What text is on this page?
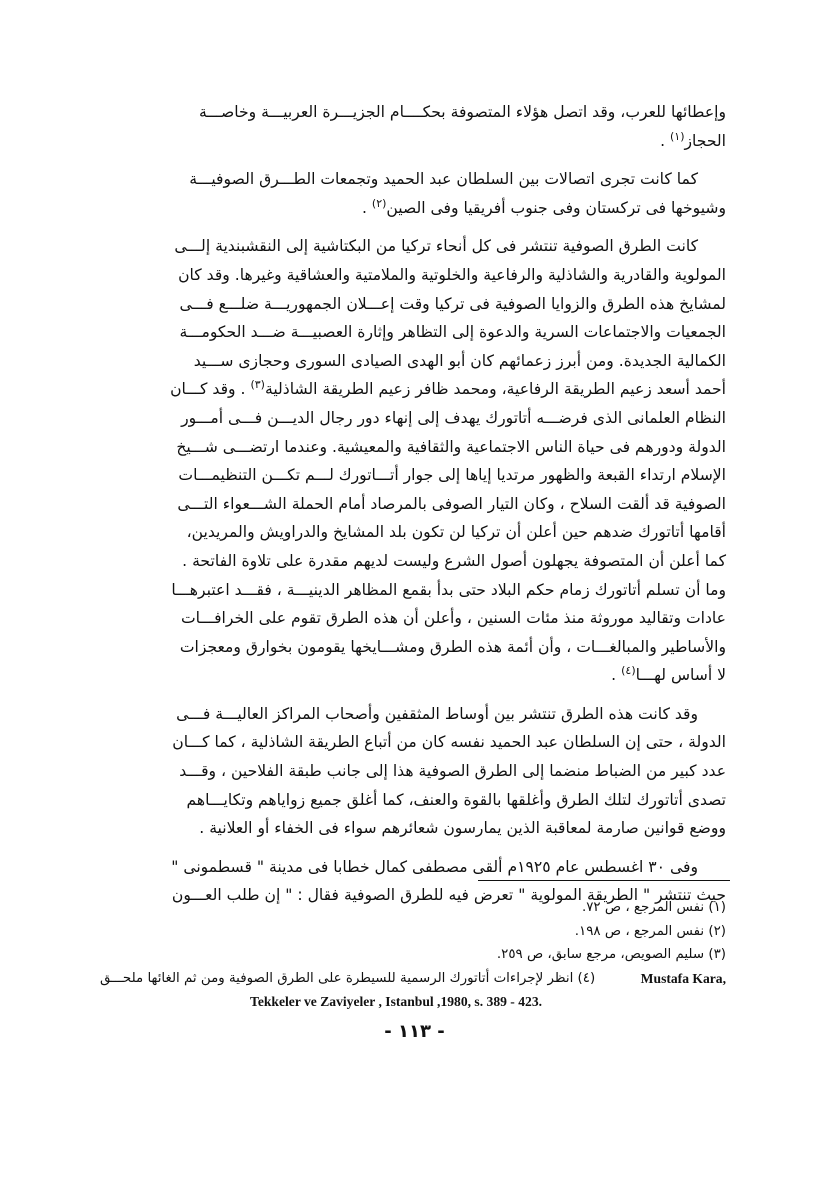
وإعطائها للعرب، وقد اتصل هؤلاء المتصوفة بحكــــام الجزيـــرة العربيـــة وخاصـــة
الحجاز$^{(١)}$ .

كما كانت تجرى اتصالات بين السلطان عبد الحميد وتجمعات الطـــرق الصوفيـــة
وشيوخها فى تركستان وفى جنوب أفريقيا وفى الصين$^{(٢)}$ .

كانت الطرق الصوفية تنتشر فى كل أنحاء تركيا من البكتاشية إلى النقشبندية إلـــى
المولوية والقادرية والشاذلية والرفاعية والخلوتية والملامتية والعشاقية وغيرها. وقد كان
لمشايخ هذه الطرق والزوايا الصوفية فى تركيا وقت إعـــلان الجمهوريـــة ضلـــع فـــى
الجمعيات والاجتماعات السرية والدعوة إلى التظاهر وإثارة العصبيـــة ضـــد الحكومـــة
الكمالية الجديدة. ومن أبرز زعمائهم كان أبو الهدى الصيادى السورى وحجازى ســـيد
أحمد أسعد زعيم الطريقة الرفاعية، ومحمد ظافر زعيم الطريقة الشاذلية$^{(٣)}$ . وقد كـــان
النظام العلمانى الذى فرضـــه أتاتورك يهدف إلى إنهاء دور رجال الديـــن فـــى أمـــور
الدولة ودورهم فى حياة الناس الاجتماعية والثقافية والمعيشية. وعندما ارتضـــى شـــيخ
الإسلام ارتداء القبعة والظهور مرتديا إياها إلى جوار أتـــاتورك لـــم تكـــن التنظيمـــات
الصوفية قد ألقت السلاح ، وكان التيار الصوفى بالمرصاد أمام الحملة الشـــعواء التـــى
أقامها أتاتورك ضدهم حين أعلن أن تركيا لن تكون بلد المشايخ والدراويش والمريدين،
كما أعلن أن المتصوفة يجهلون أصول الشرع وليست لديهم مقدرة على تلاوة الفاتحة .
وما أن تسلم أتاتورك زمام حكم البلاد حتى بدأ بقمع المظاهر الدينيـــة ، فقـــد اعتبرهـــا
عادات وتقاليد موروثة منذ مئات السنين ، وأعلن أن هذه الطرق تقوم على الخرافـــات
والأساطير والمبالغـــات ، وأن أئمة هذه الطرق ومشـــايخها يقومون بخوارق ومعجزات
لا أساس لهـــا$^{(٤)}$ .

وقد كانت هذه الطرق تنتشر بين أوساط المثقفين وأصحاب المراكز العاليـــة فـــى
الدولة ، حتى إن السلطان عبد الحميد نفسه كان من أتباع الطريقة الشاذلية ، كما كـــان
عدد كبير من الضباط منضما إلى الطرق الصوفية هذا إلى جانب طبقة الفلاحين ، وقـــد
تصدى أتاتورك لتلك الطرق وأغلقها بالقوة والعنف، كما أغلق جميع زواياهم وتكايـــاهم
ووضع قوانين صارمة لمعاقبة الذين يمارسون شعائرهم سواء فى الخفاء أو العلانية .

وفى ٣٠ اغسطس عام ١٩٢٥م ألقى مصطفى كمال خطابا فى مدينة " قسطمونى "
حيث تنتشر " الطريقة المولوية " تعرض فيه للطرق الصوفية فقال : " إن طلب العـــون

(١) نفس المرجع ، ص ٧٢.

(٢) نفس المرجع ، ص ١٩٨.

(٣) سليم الصويص، مرجع سابق، ص ٢٥٩.

(٤) انظر لإجراءات أتاتورك الرسمية للسيطرة على الطرق الصوفية ومن ثم الغائها ملحـــق	Mustafa Kara,
Tekkeler ve Zaviyeler , Istanbul ,1980, s. 389 - 423.
- ١١٣ -
